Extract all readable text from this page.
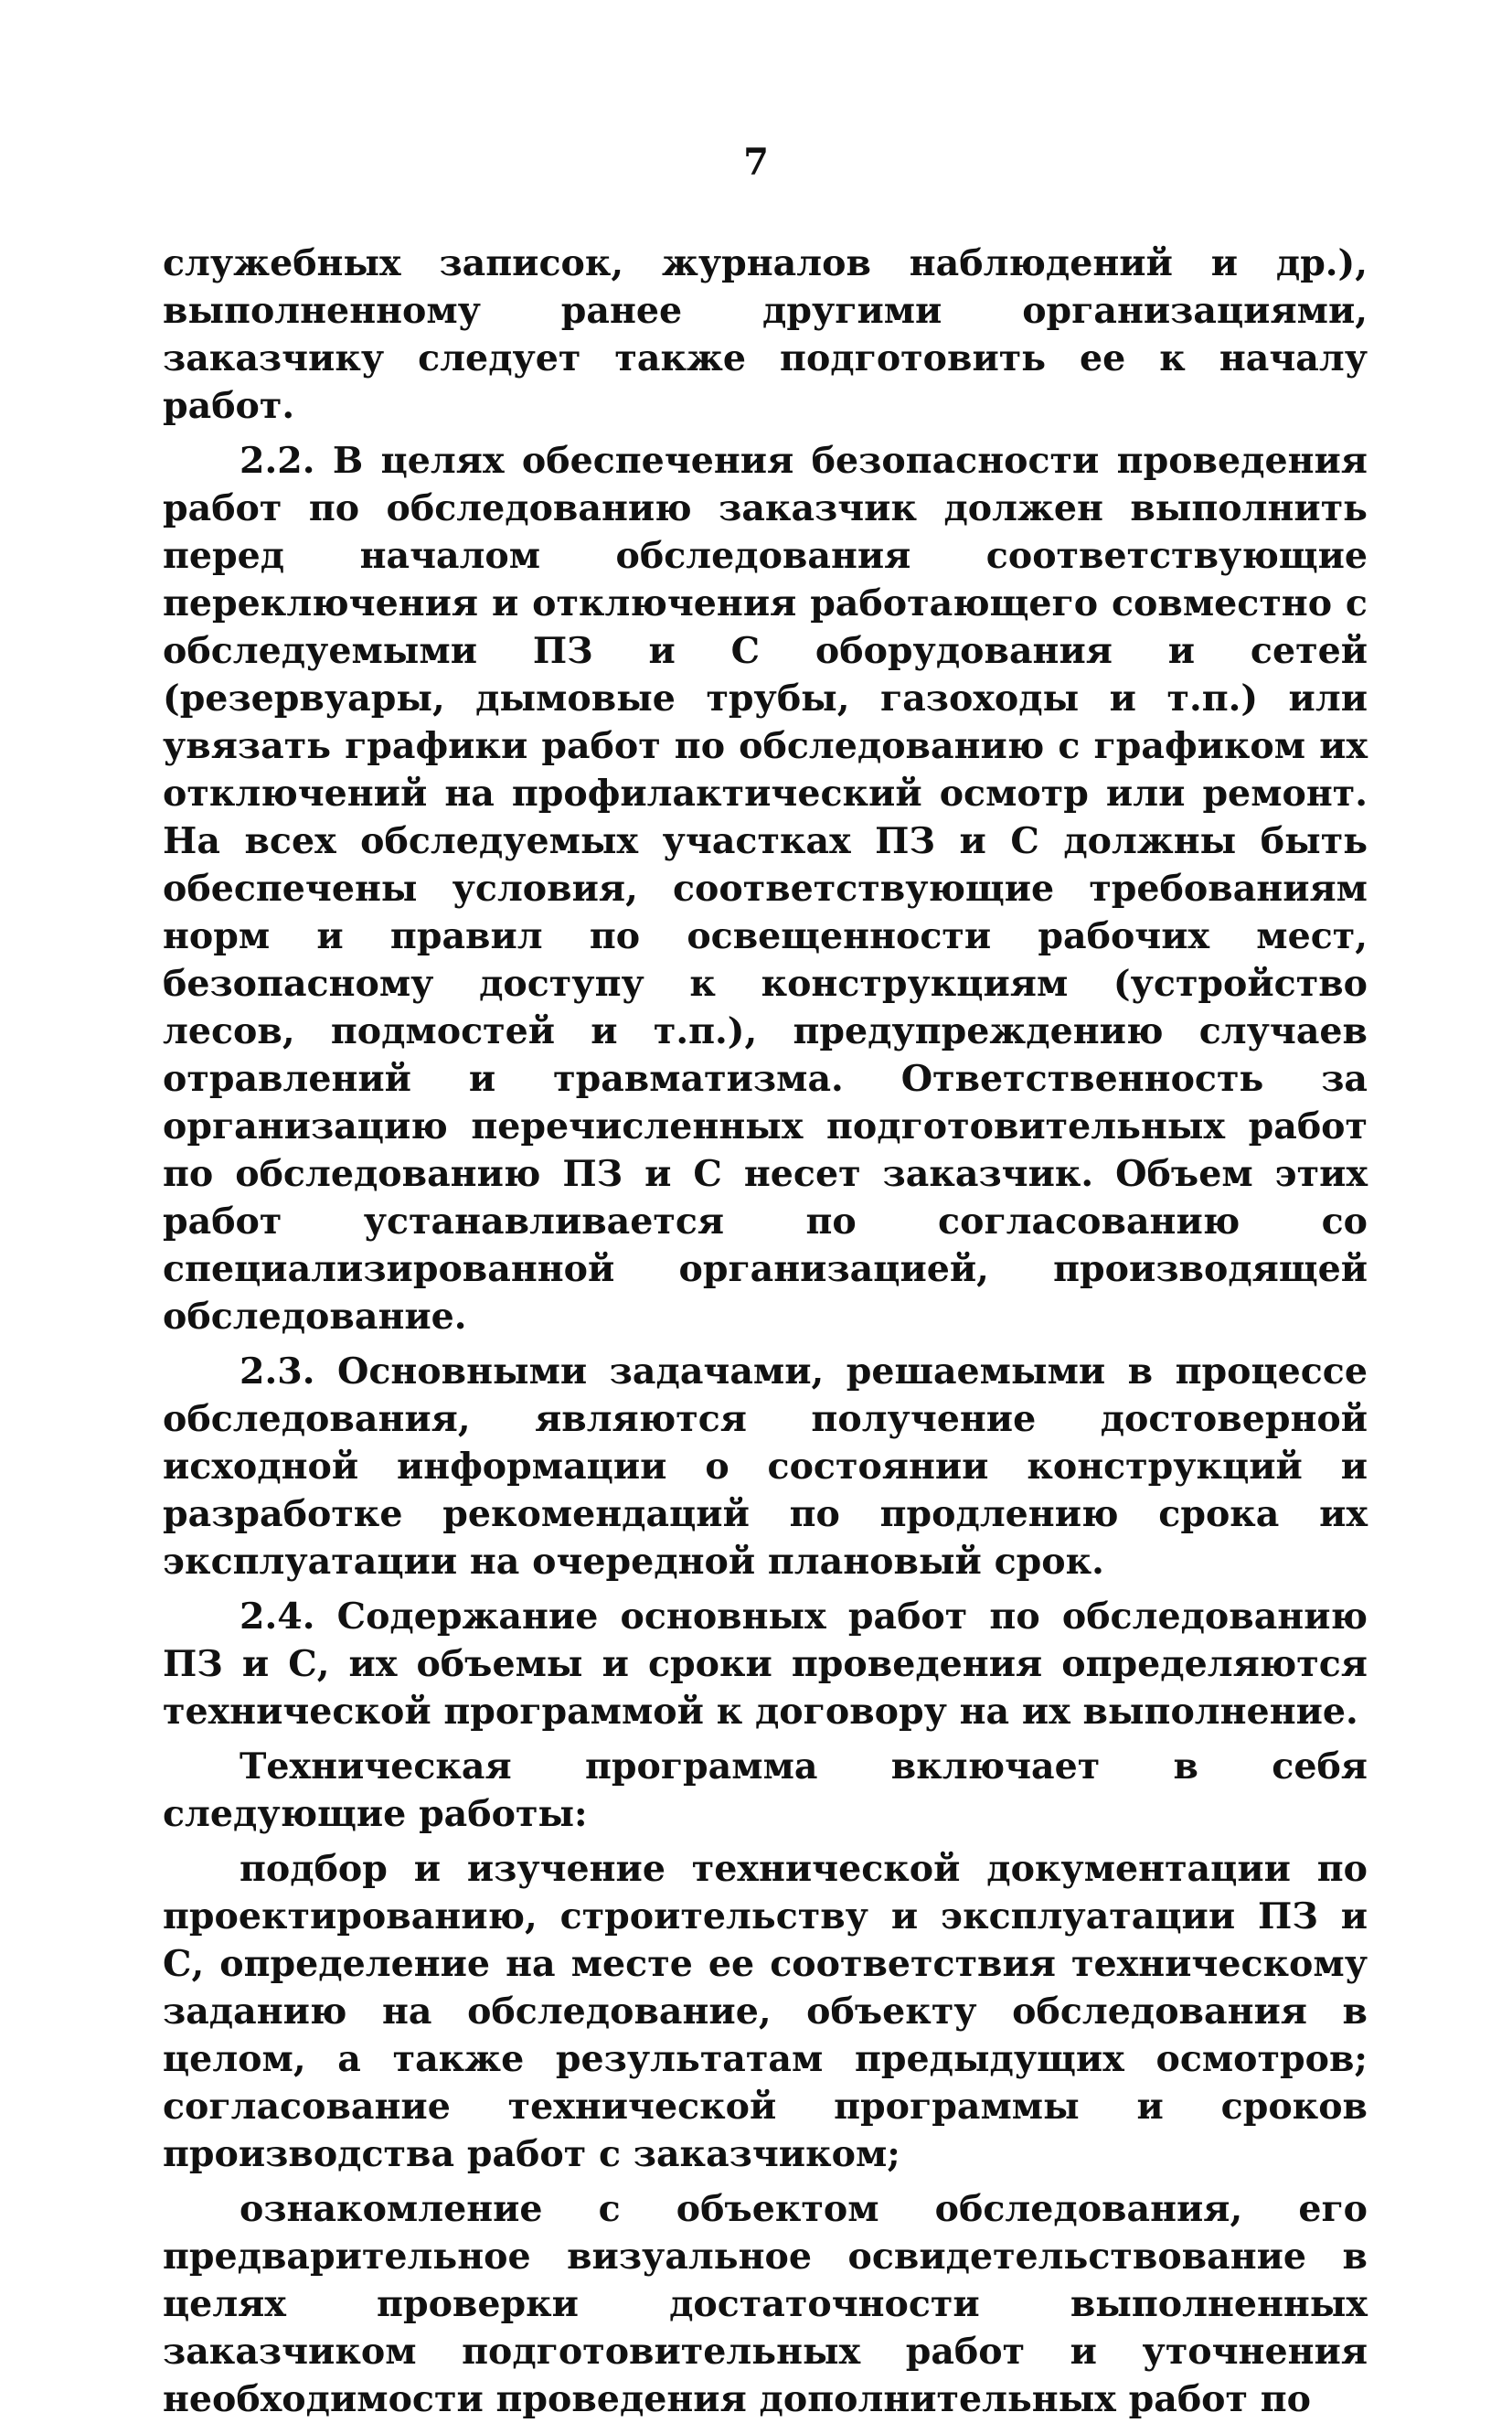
7

служебных записок, журналов наблюдений и др.), выполненному ранее другими организациями, заказчику следует также подготовить ее к началу работ.

2.2. В целях обеспечения безопасности проведения работ по обследованию заказчик должен выполнить перед началом обследования соответствующие переключения и отключения работающего совместно с обследуемыми ПЗ и С оборудования и сетей (резервуары, дымовые трубы, газоходы и т.п.) или увязать графики работ по обследованию с графиком их отключений на профилактический осмотр или ремонт. На всех обследуемых участках ПЗ и С должны быть обеспечены условия, соответствующие требованиям норм и правил по освещенности рабочих мест, безопасному доступу к конструкциям (устройство лесов, подмостей и т.п.), предупреждению случаев отравлений и травматизма. Ответственность за организацию перечисленных подготовительных работ по обследованию ПЗ и С несет заказчик. Объем этих работ устанавливается по согласованию со специализированной организацией, производящей обследование.

2.3. Основными задачами, решаемыми в процессе обследования, являются получение достоверной исходной информации о состоянии конструкций и разработке рекомендаций по продлению срока их эксплуатации на очередной плановый срок.

2.4. Содержание основных работ по обследованию ПЗ и С, их объемы и сроки проведения определяются технической программой к договору на их выполнение.

Техническая программа включает в себя следующие работы:

подбор и изучение технической документации по проектированию, строительству и эксплуатации ПЗ и С, определение на месте ее соответствия техническому заданию на обследование, объекту обследования в целом, а также результатам предыдущих осмотров; согласование технической программы и сроков производства работ с заказчиком;

ознакомление с объектом обследования, его предварительное визуальное освидетельствование в целях проверки достаточности выполненных заказчиком подготовительных работ и уточнения необходимости проведения дополнительных работ по
